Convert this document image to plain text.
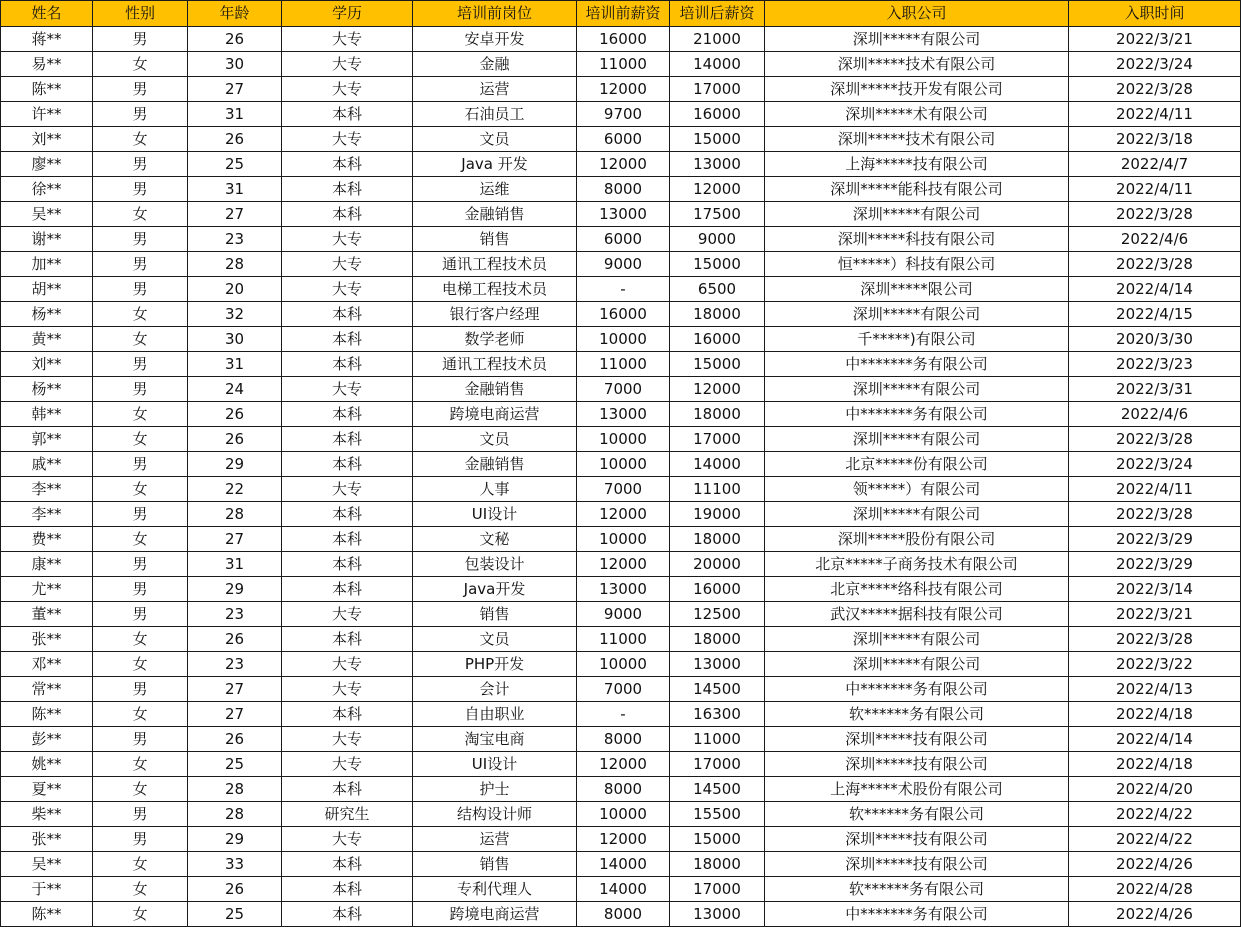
姓名	性别	年龄	学历	培训前岗位	培训前薪资	培训后薪资	入职公司	入职时间
蒋**	男	26	大专	安卓开发	16000	21000	深圳*****有限公司	2022/3/21
易**	女	30	大专	金融	11000	14000	深圳*****技术有限公司	2022/3/24
陈**	男	27	大专	运营	12000	17000	深圳*****技开发有限公司	2022/3/28
许**	男	31	本科	石油员工	9700	16000	深圳*****术有限公司	2022/4/11
刘**	女	26	大专	文员	6000	15000	深圳*****技术有限公司	2022/3/18
廖**	男	25	本科	Java 开发	12000	13000	上海*****技有限公司	2022/4/7
徐**	男	31	本科	运维	8000	12000	深圳*****能科技有限公司	2022/4/11
吴**	女	27	本科	金融销售	13000	17500	深圳*****有限公司	2022/3/28
谢**	男	23	大专	销售	6000	9000	深圳*****科技有限公司	2022/4/6
加**	男	28	大专	通讯工程技术员	9000	15000	恒*****）科技有限公司	2022/3/28
胡**	男	20	大专	电梯工程技术员	-	6500	深圳*****限公司	2022/4/14
杨**	女	32	本科	银行客户经理	16000	18000	深圳*****有限公司	2022/4/15
黄**	女	30	本科	数学老师	10000	16000	千*****)有限公司	2020/3/30
刘**	男	31	本科	通讯工程技术员	11000	15000	中*******务有限公司	2022/3/23
杨**	男	24	大专	金融销售	7000	12000	深圳*****有限公司	2022/3/31
韩**	女	26	本科	跨境电商运营	13000	18000	中*******务有限公司	2022/4/6
郭**	女	26	本科	文员	10000	17000	深圳*****有限公司	2022/3/28
戚**	男	29	本科	金融销售	10000	14000	北京*****份有限公司	2022/3/24
李**	女	22	大专	人事	7000	11100	领*****）有限公司	2022/4/11
李**	男	28	本科	UI设计	12000	19000	深圳*****有限公司	2022/3/28
费**	女	27	本科	文秘	10000	18000	深圳*****股份有限公司	2022/3/29
康**	男	31	本科	包装设计	12000	20000	北京*****子商务技术有限公司	2022/3/29
尤**	男	29	本科	Java开发	13000	16000	北京*****络科技有限公司	2022/3/14
董**	男	23	大专	销售	9000	12500	武汉*****据科技有限公司	2022/3/21
张**	女	26	本科	文员	11000	18000	深圳*****有限公司	2022/3/28
邓**	女	23	大专	PHP开发	10000	13000	深圳*****有限公司	2022/3/22
常**	男	27	大专	会计	7000	14500	中*******务有限公司	2022/4/13
陈**	女	27	本科	自由职业	-	16300	软******务有限公司	2022/4/18
彭**	男	26	大专	淘宝电商	8000	11000	深圳*****技有限公司	2022/4/14
姚**	女	25	大专	UI设计	12000	17000	深圳*****技有限公司	2022/4/18
夏**	女	28	本科	护士	8000	14500	上海*****术股份有限公司	2022/4/20
柴**	男	28	研究生	结构设计师	10000	15500	软******务有限公司	2022/4/22
张**	男	29	大专	运营	12000	15000	深圳*****技有限公司	2022/4/22
吴**	女	33	本科	销售	14000	18000	深圳*****技有限公司	2022/4/26
于**	女	26	本科	专利代理人	14000	17000	软******务有限公司	2022/4/28
陈**	女	25	本科	跨境电商运营	8000	13000	中*******务有限公司	2022/4/26
